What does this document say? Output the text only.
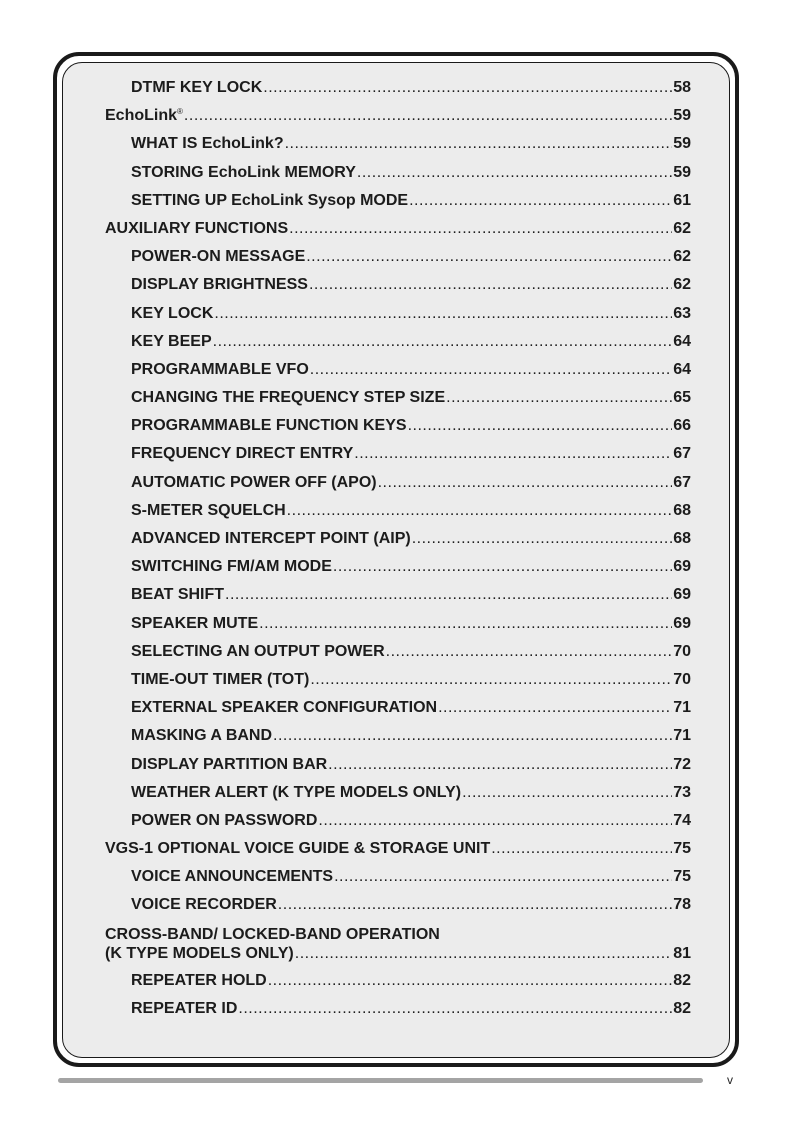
DTMF KEY LOCK .....	58
EchoLink® .....	59
WHAT IS EchoLink? .....	59
STORING EchoLink MEMORY .....	59
SETTING UP EchoLink Sysop MODE .....	61
AUXILIARY FUNCTIONS .....	62
POWER-ON MESSAGE .....	62
DISPLAY BRIGHTNESS .....	62
KEY LOCK .....	63
KEY BEEP .....	64
PROGRAMMABLE VFO .....	64
CHANGING THE FREQUENCY STEP SIZE .....	65
PROGRAMMABLE FUNCTION KEYS .....	66
FREQUENCY DIRECT ENTRY .....	67
AUTOMATIC POWER OFF (APO) .....	67
S-METER SQUELCH .....	68
ADVANCED INTERCEPT POINT (AIP) .....	68
SWITCHING FM/AM MODE .....	69
BEAT SHIFT .....	69
SPEAKER MUTE .....	69
SELECTING AN OUTPUT POWER .....	70
TIME-OUT TIMER (TOT) .....	70
EXTERNAL SPEAKER CONFIGURATION .....	71
MASKING A BAND .....	71
DISPLAY PARTITION BAR .....	72
WEATHER ALERT (K TYPE MODELS ONLY) .....	73
POWER ON PASSWORD .....	74
VGS-1 OPTIONAL VOICE GUIDE & STORAGE UNIT .....	75
VOICE ANNOUNCEMENTS .....	75
VOICE RECORDER .....	78
CROSS-BAND/ LOCKED-BAND OPERATION
(K TYPE MODELS ONLY) .....	81
REPEATER HOLD .....	82
REPEATER ID .....	82
v
